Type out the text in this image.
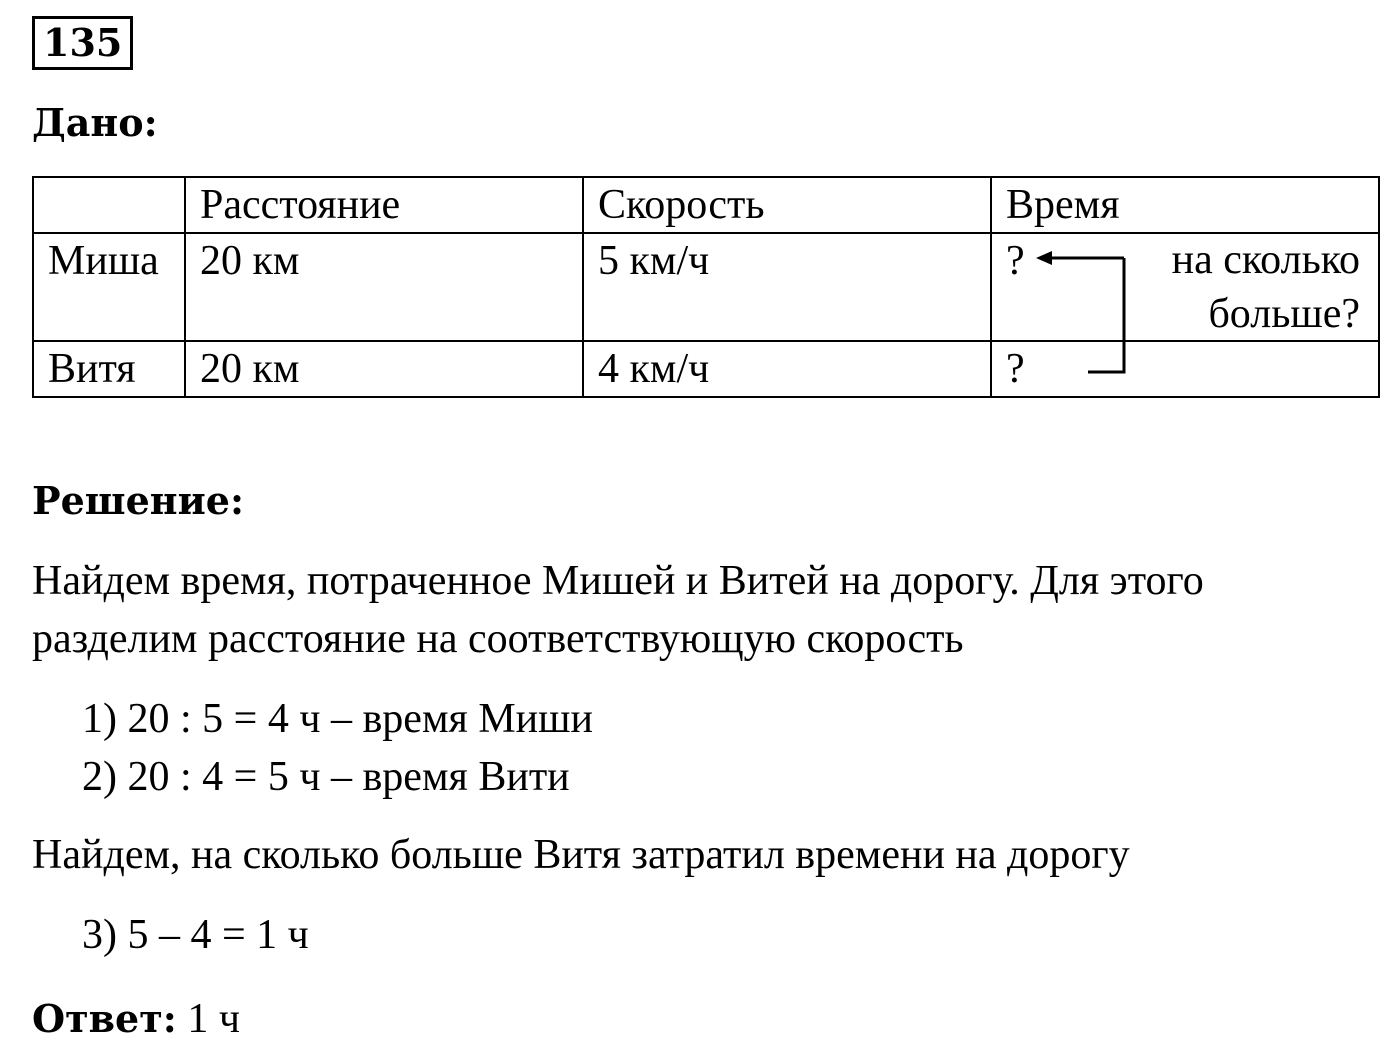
135
Дано:

	Расстояние	Скорость	Время

Миша	20 км	5 км/ч	?

Витя	20 км	4 км/ч	?
на сколько
больше?
Решение:
Найдем время, потраченное Мишей и Витей на дорогу. Для этого разделим расстояние на соответствующую скорость
1) 20 : 5 = 4 ч – время Миши
2) 20 : 4 = 5 ч – время Вити
Найдем, на сколько больше Витя затратил времени на дорогу
3) 5 – 4 = 1 ч
Ответ: 1 ч
